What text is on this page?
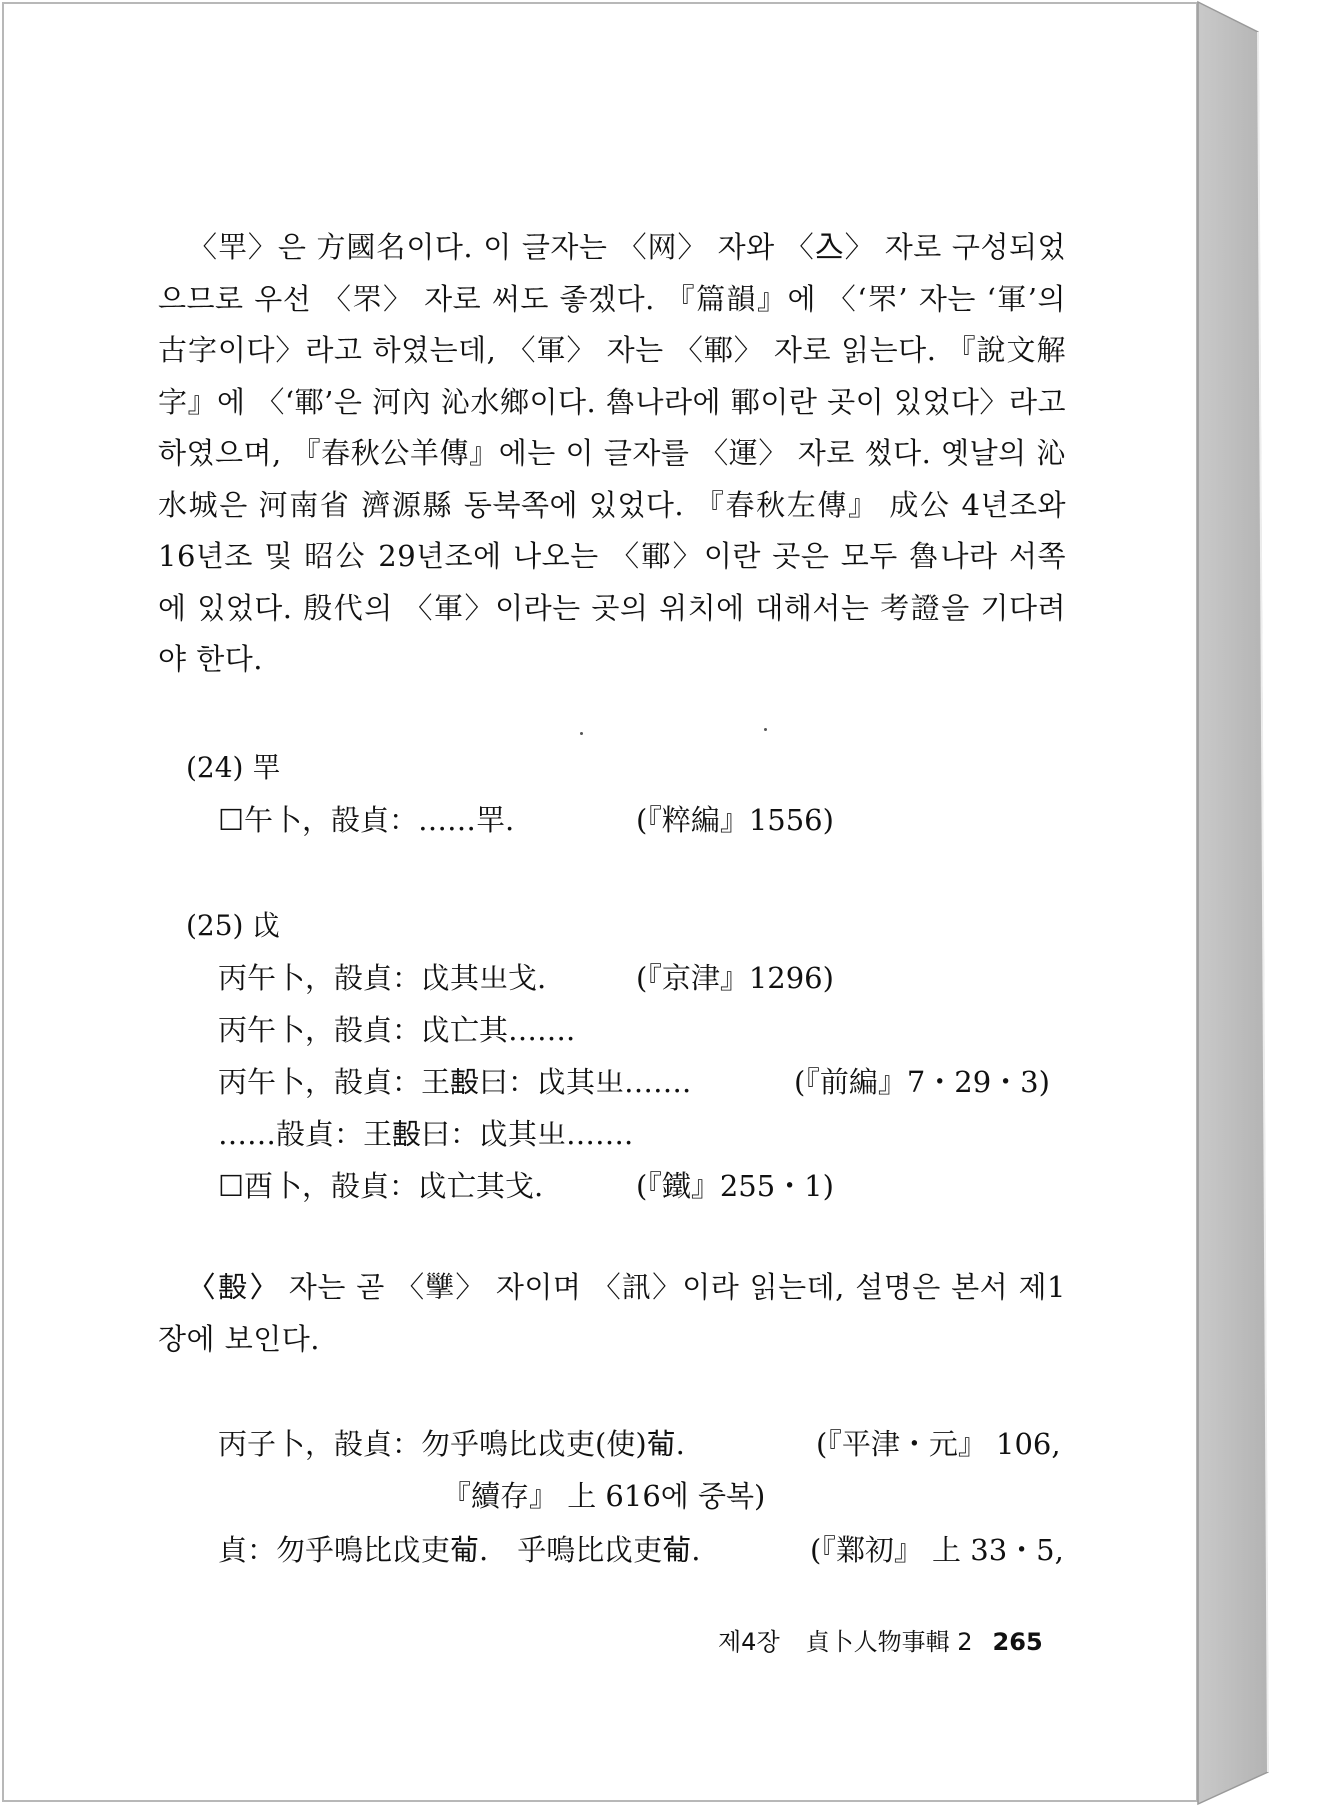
〈䍐〉은 方國名이다. 이 글자는 〈网〉 자와 〈𠓛〉 자로 구성되었으므로 우선 〈罘〉 자로 써도 좋겠다. 『篇韻』에 〈‘罘’ 자는 ‘軍’의 古字이다〉라고 하였는데, 〈軍〉 자는 〈鄆〉 자로 읽는다. 『說文解字』에 〈‘鄆’은 河內 沁水鄉이다. 魯나라에 鄆이란 곳이 있었다〉라고 하였으며, 『春秋公羊傳』에는 이 글자를 〈運〉 자로 썼다. 옛날의 沁水城은 河南省 濟源縣 동북쪽에 있었다. 『春秋左傳』 成公 4년조와 16년조 및 昭公 29년조에 나오는 〈鄆〉이란 곳은 모두 魯나라 서쪽에 있었다. 殷代의 〈軍〉이라는 곳의 위치에 대해서는 考證을 기다려야 한다.

(24) 䍐
☐午卜，㱿貞：……䍐.	(『粹編』1556)
(25) 戉
丙午卜，㱿貞：戉其㞢戈.	(『京津』1296)
丙午卜，㱿貞：戉亡其…….
丙午卜，㱿貞：王𣪠曰：戉其㞢…….	(『前編』7・29・3)
……㱿貞：王𣪠曰：戉其㞢…….
☐酉卜，㱿貞：戉亡其戈.	(『鐵』255・1)

〈𣪠〉 자는 곧 〈𢹭〉 자이며 〈訊〉이라 읽는데, 설명은 본서 제1장에 보인다.

丙子卜，㱿貞：勿乎鳴比戉吏(使)𤰈.	(『平津・元』 106,
『續存』 上 616에 중복)
貞：勿乎鳴比戉吏𤰈.　乎鳴比戉吏𤰈.	(『鄴初』 上 33・5,
제4장 貞卜人物事輯 2 265
